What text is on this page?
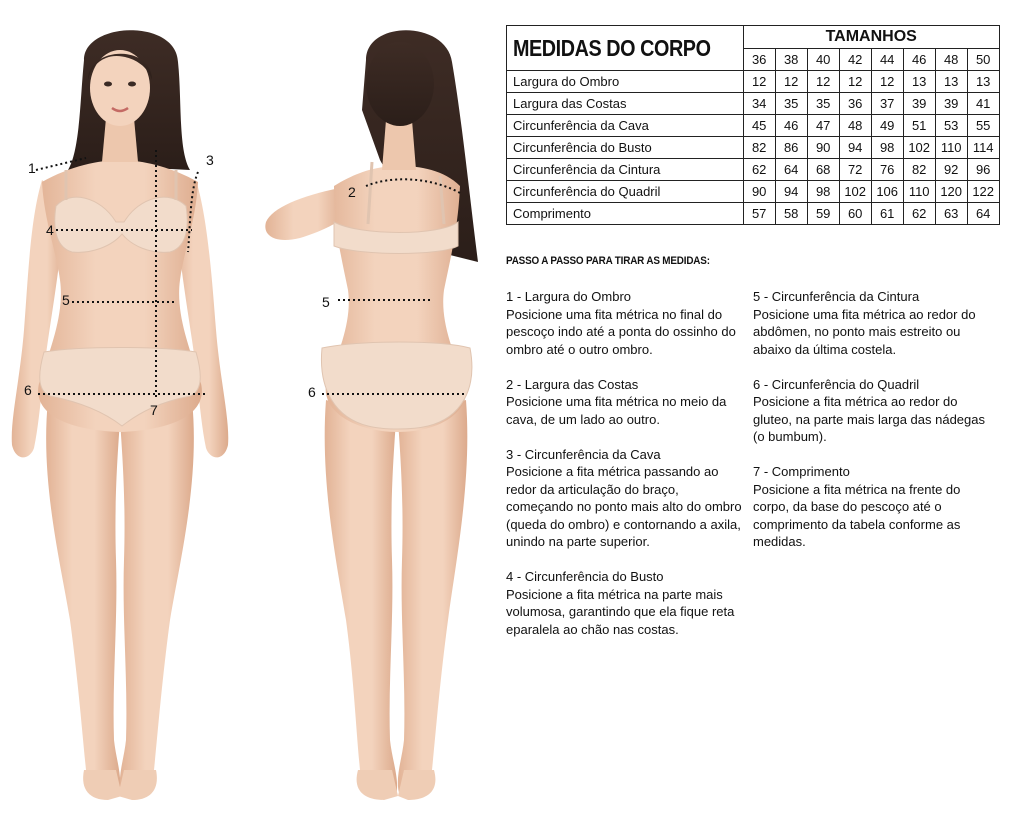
1	3
4
5
6
7
2
5
6
MEDIDAS DO CORPO	TAMANHOS							
	36	38	40	42	44	46	48	50
Largura do Ombro	12	12	12	12	12	13	13	13
Largura das Costas	34	35	35	36	37	39	39	41
Circunferência da Cava	45	46	47	48	49	51	53	55
Circunferência do Busto	82	86	90	94	98	102	110	114
Circunferência da Cintura	62	64	68	72	76	82	92	96
Circunferência do Quadril	90	94	98	102	106	110	120	122
Comprimento	57	58	59	60	61	62	63	64
PASSO A PASSO PARA TIRAR AS MEDIDAS:
1 - Largura do Ombro
Posicione uma fita métrica no final do pescoço indo até a ponta do ossinho do ombro até o outro ombro.
2 - Largura das Costas
Posicione uma fita métrica no meio da cava, de um lado ao outro.
3 - Circunferência da Cava
Posicione a fita métrica passando ao redor da articulação do braço, começando no ponto mais alto do ombro (queda do ombro) e contornando a axila, unindo na parte superior.
4 - Circunferência do Busto
Posicione a fita métrica na parte mais volumosa, garantindo que ela fique reta eparalela ao chão nas costas.
5 - Circunferência da Cintura
Posicione uma fita métrica ao redor do abdômen, no ponto mais estreito ou abaixo da última costela.
6 - Circunferência do Quadril
Posicione a fita métrica ao redor do gluteo, na parte mais larga das nádegas (o bumbum).
7 - Comprimento
Posicione a fita métrica na frente do corpo, da base do pescoço até o comprimento da tabela conforme as medidas.
